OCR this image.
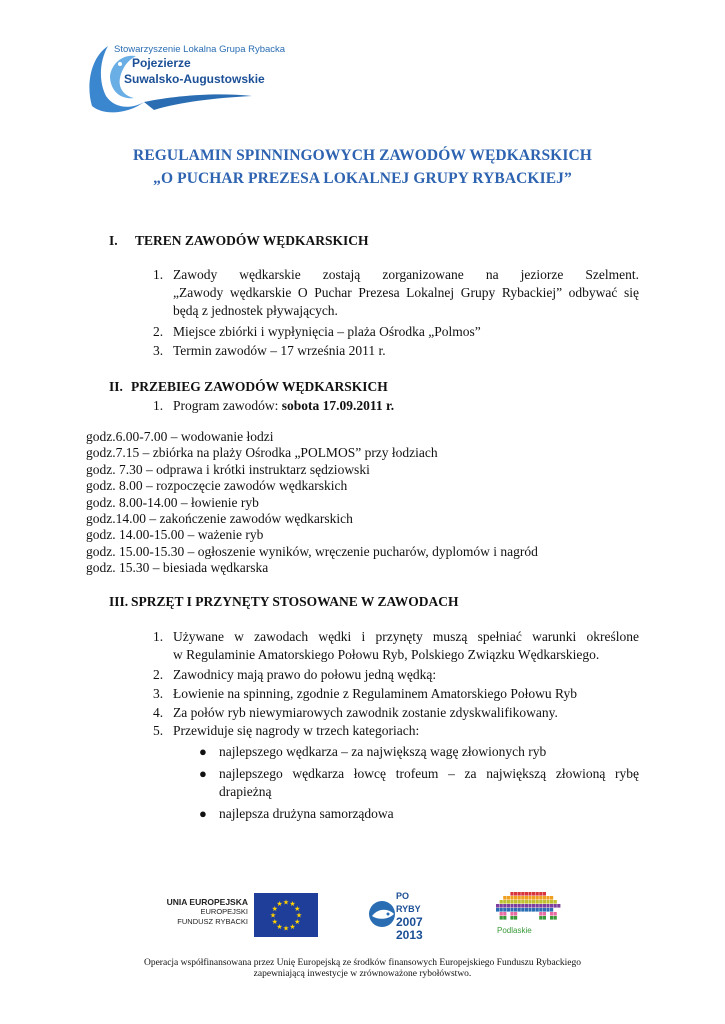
Stowarzyszenie Lokalna Grupa Rybacka
Pojezierze
Suwalsko-Augustowskie
REGULAMIN SPINNINGOWYCH ZAWODÓW WĘDKARSKICH
„O PUCHAR PREZESA LOKALNEJ GRUPY RYBACKIEJ”
I. TEREN ZAWODÓW WĘDKARSKICH
1. Zawody wędkarskie zostają zorganizowane na jeziorze Szelment.
„Zawody wędkarskie O Puchar Prezesa Lokalnej Grupy Rybackiej” odbywać się
będą z jednostek pływających.
2. Miejsce zbiórki i wypłynięcia – plaża Ośrodka „Polmos”
3. Termin zawodów – 17 września 2011 r.
II. PRZEBIEG ZAWODÓW WĘDKARSKICH
1. Program zawodów: sobota 17.09.2011 r.
godz.6.00-7.00 – wodowanie łodzi
godz.7.15 – zbiórka na plaży Ośrodka „POLMOS” przy łodziach
godz. 7.30 – odprawa i krótki instruktarz sędziowski
godz. 8.00 – rozpoczęcie zawodów wędkarskich
godz. 8.00-14.00 – łowienie ryb
godz.14.00 – zakończenie zawodów wędkarskich
godz. 14.00-15.00 – ważenie ryb
godz. 15.00-15.30 – ogłoszenie wyników, wręczenie pucharów, dyplomów i nagród
godz. 15.30 – biesiada wędkarska
III. SPRZĘT I PRZYNĘTY STOSOWANE W ZAWODACH
1. Używane w zawodach wędki i przynęty muszą spełniać warunki określone
w Regulaminie Amatorskiego Połowu Ryb, Polskiego Związku Wędkarskiego.
2. Zawodnicy mają prawo do połowu jedną wędką:
3. Łowienie na spinning, zgodnie z Regulaminem Amatorskiego Połowu Ryb
4. Za połów ryb niewymiarowych zawodnik zostanie zdyskwalifikowany.
5. Przewiduje się nagrody w trzech kategoriach:
● najlepszego wędkarza – za największą wagę złowionych ryb
● najlepszego wędkarza łowcę trofeum – za największą złowioną rybę
drapieżną
● najlepsza drużyna samorządowa
UNIA EUROPEJSKA
EUROPEJSKI
FUNDUSZ RYBACKI
★
★
★
★
★
★
★
★
★ ★ ★
★
PO RYBY
2007
2013	Podlaskie
Operacja współfinansowana przez Unię Europejską ze środków finansowych Europejskiego Funduszu Rybackiego
zapewniającą inwestycje w zrównoważone rybołówstwo.
